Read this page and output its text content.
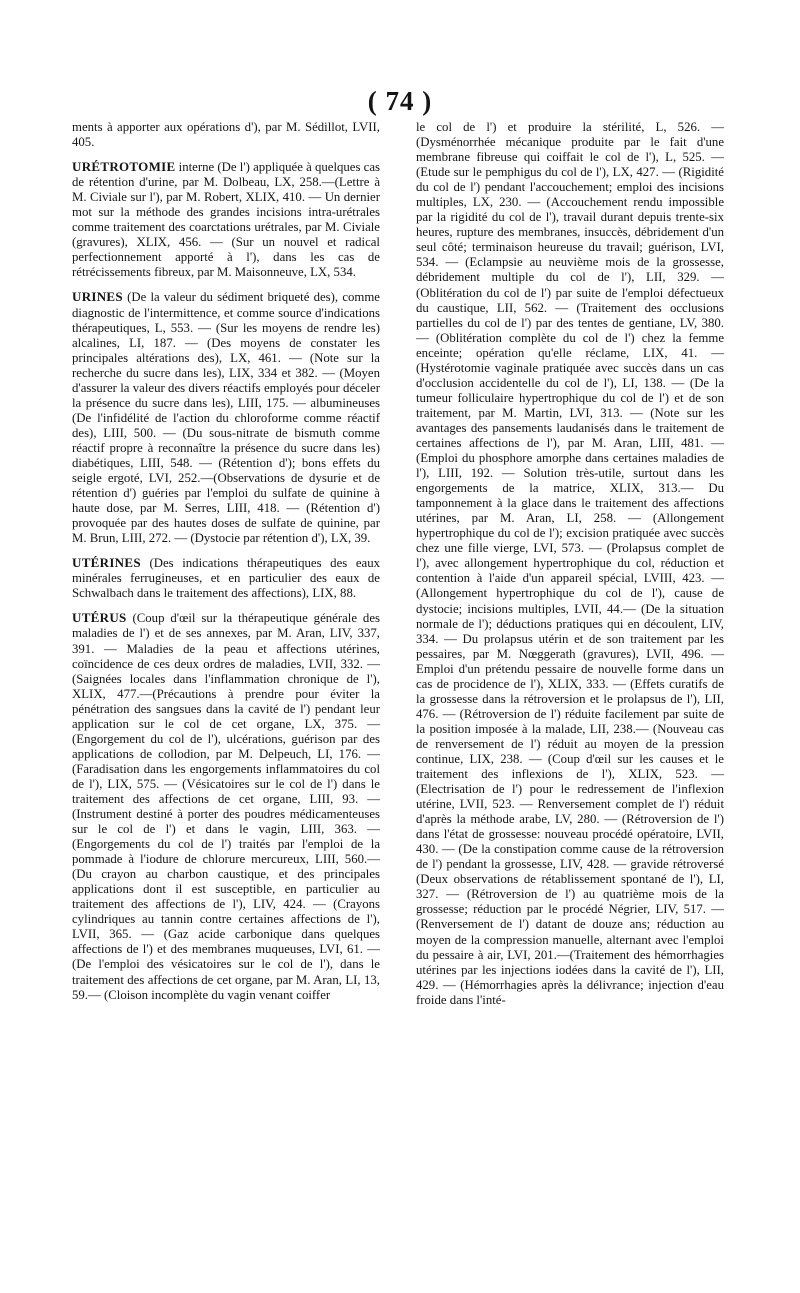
( 74 )

ments à apporter aux opérations d'), par M. Sédillot, LVII, 405.

URÉTROTOMIE interne (De l') appliquée à quelques cas de rétention d'urine, par M. Dolbeau, LX, 258.—(Lettre à M. Civiale sur l'), par M. Robert, XLIX, 410. — Un dernier mot sur la méthode des grandes incisions intra-urétrales comme traitement des coarctations urétrales, par M. Civiale (gravures), XLIX, 456. — (Sur un nouvel et radical perfectionnement apporté à l'), dans les cas de rétrécissements fibreux, par M. Maisonneuve, LX, 534.

URINES (De la valeur du sédiment briqueté des), comme diagnostic de l'intermittence, et comme source d'indications thérapeutiques, L, 553. — (Sur les moyens de rendre les) alcalines, LI, 187. — (Des moyens de constater les principales altérations des), LX, 461. — (Note sur la recherche du sucre dans les), LIX, 334 et 382. — (Moyen d'assurer la valeur des divers réactifs employés pour déceler la présence du sucre dans les), LIII, 175. — albumineuses (De l'infidélité de l'action du chloroforme comme réactif des), LIII, 500. — (Du sous-nitrate de bismuth comme réactif propre à reconnaître la présence du sucre dans les) diabétiques, LIII, 548. — (Rétention d'); bons effets du seigle ergoté, LVI, 252.—(Observations de dysurie et de rétention d') guéries par l'emploi du sulfate de quinine à haute dose, par M. Serres, LIII, 418. — (Rétention d') provoquée par des hautes doses de sulfate de quinine, par M. Brun, LIII, 272. — (Dystocie par rétention d'), LX, 39.

UTÉRINES (Des indications thérapeutiques des eaux minérales ferrugineuses, et en particulier des eaux de Schwalbach dans le traitement des affections), LIX, 88.

UTÉRUS (Coup d'œil sur la thérapeutique générale des maladies de l') et de ses annexes, par M. Aran, LIV, 337, 391. — Maladies de la peau et affections utérines, coïncidence de ces deux ordres de maladies, LVII, 332. — (Saignées locales dans l'inflammation chronique de l'), XLIX, 477.—(Précautions à prendre pour éviter la pénétration des sangsues dans la cavité de l') pendant leur application sur le col de cet organe, LX, 375. — (Engorgement du col de l'), ulcérations, guérison par des applications de collodion, par M. Delpeuch, LI, 176. — (Faradisation dans les engorgements inflammatoires du col de l'), LIX, 575. — (Vésicatoires sur le col de l') dans le traitement des affections de cet organe, LIII, 93. — (Instrument destiné à porter des poudres médicamenteuses sur le col de l') et dans le vagin, LIII, 363. — (Engorgements du col de l') traités par l'emploi de la pommade à l'iodure de chlorure mercureux, LIII, 560.— (Du crayon au charbon caustique, et des principales applications dont il est susceptible, en particulier au traitement des affections de l'), LIV, 424. — (Crayons cylindriques au tannin contre certaines affections de l'), LVII, 365. — (Gaz acide carbonique dans quelques affections de l') et des membranes muqueuses, LVI, 61. — (De l'emploi des vésicatoires sur le col de l'), dans le traitement des affections de cet organe, par M. Aran, LI, 13, 59.— (Cloison incomplète du vagin venant coiffer

le col de l') et produire la stérilité, L, 526. — (Dysménorrhée mécanique produite par le fait d'une membrane fibreuse qui coiffait le col de l'), L, 525. — (Etude sur le pemphigus du col de l'), LX, 427. — (Rigidité du col de l') pendant l'accouchement; emploi des incisions multiples, LX, 230. — (Accouchement rendu impossible par la rigidité du col de l'), travail durant depuis trente-six heures, rupture des membranes, insuccès, débridement d'un seul côté; terminaison heureuse du travail; guérison, LVI, 534. — (Eclampsie au neuvième mois de la grossesse, débridement multiple du col de l'), LII, 329. — (Oblitération du col de l') par suite de l'emploi défectueux du caustique, LII, 562. — (Traitement des occlusions partielles du col de l') par des tentes de gentiane, LV, 380. — (Oblitération complète du col de l') chez la femme enceinte; opération qu'elle réclame, LIX, 41. — (Hystérotomie vaginale pratiquée avec succès dans un cas d'occlusion accidentelle du col de l'), LI, 138. — (De la tumeur folliculaire hypertrophique du col de l') et de son traitement, par M. Martin, LVI, 313. — (Note sur les avantages des pansements laudanisés dans le traitement de certaines affections de l'), par M. Aran, LIII, 481. — (Emploi du phosphore amorphe dans certaines maladies de l'), LIII, 192. — Solution très-utile, surtout dans les engorgements de la matrice, XLIX, 313.— Du tamponnement à la glace dans le traitement des affections utérines, par M. Aran, LI, 258. — (Allongement hypertrophique du col de l'); excision pratiquée avec succès chez une fille vierge, LVI, 573. — (Prolapsus complet de l'), avec allongement hypertrophique du col, réduction et contention à l'aide d'un appareil spécial, LVIII, 423. — (Allongement hypertrophique du col de l'), cause de dystocie; incisions multiples, LVII, 44.— (De la situation normale de l'); déductions pratiques qui en découlent, LIV, 334. — Du prolapsus utérin et de son traitement par les pessaires, par M. Nœggerath (gravures), LVII, 496. — Emploi d'un prétendu pessaire de nouvelle forme dans un cas de procidence de l'), XLIX, 333. — (Effets curatifs de la grossesse dans la rétroversion et le prolapsus de l'), LII, 476. — (Rétroversion de l') réduite facilement par suite de la position imposée à la malade, LII, 238.— (Nouveau cas de renversement de l') réduit au moyen de la pression continue, LIX, 238. — (Coup d'œil sur les causes et le traitement des inflexions de l'), XLIX, 523. — (Electrisation de l') pour le redressement de l'inflexion utérine, LVII, 523. — Renversement complet de l') réduit d'après la méthode arabe, LV, 280. — (Rétroversion de l') dans l'état de grossesse: nouveau procédé opératoire, LVII, 430. — (De la constipation comme cause de la rétroversion de l') pendant la grossesse, LIV, 428. — gravide rétroversé (Deux observations de rétablissement spontané de l'), LI, 327. — (Rétroversion de l') au quatrième mois de la grossesse; réduction par le procédé Négrier, LIV, 517. — (Renversement de l') datant de douze ans; réduction au moyen de la compression manuelle, alternant avec l'emploi du pessaire à air, LVI, 201.—(Traitement des hémorrhagies utérines par les injections iodées dans la cavité de l'), LII, 429. — (Hémorrhagies après la délivrance; injection d'eau froide dans l'inté-
